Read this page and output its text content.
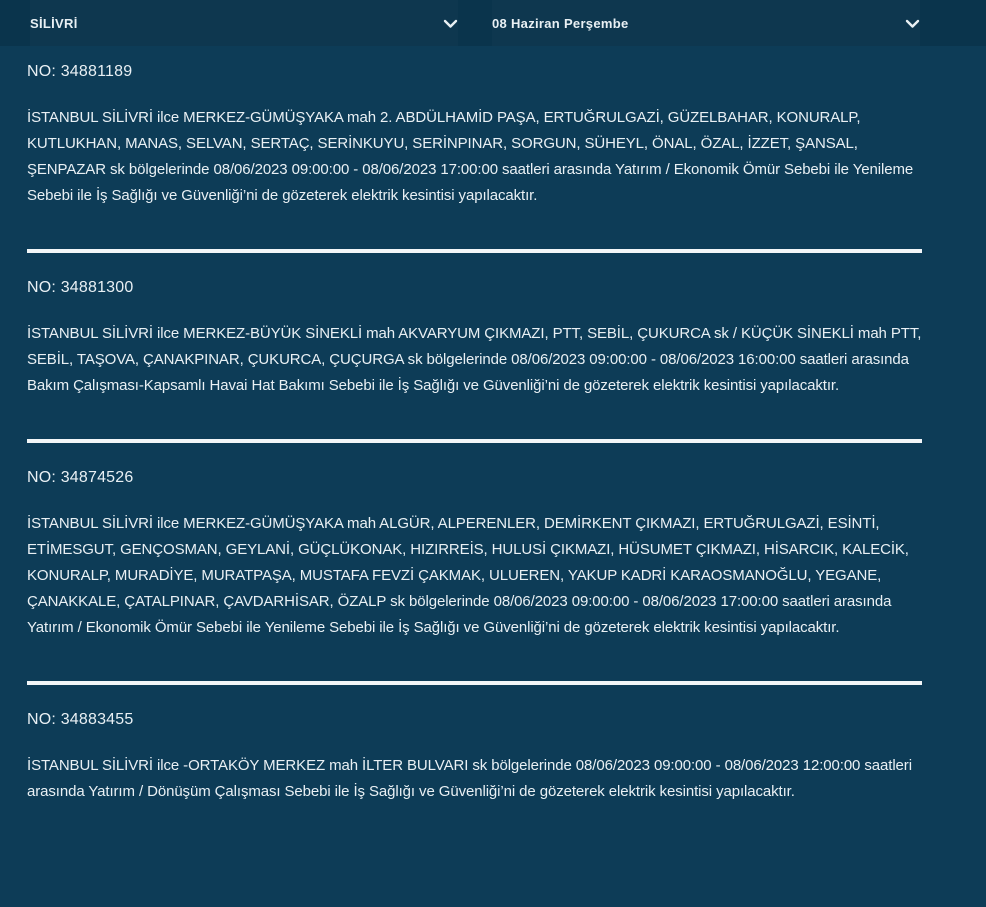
SİLİVRİ	08 Haziran Perşembe
NO: 34881189

İSTANBUL SİLİVRİ ilce MERKEZ-GÜMÜŞYAKA mah 2. ABDÜLHAMİD PAŞA, ERTUĞRULGAZİ, GÜZELBAHAR, KONURALP, KUTLUKHAN, MANAS, SELVAN, SERTAÇ, SERİNKUYU, SERİNPINAR, SORGUN, SÜHEYL, ÖNAL, ÖZAL, İZZET, ŞANSAL, ŞENPAZAR sk bölgelerinde 08/06/2023 09:00:00 - 08/06/2023 17:00:00 saatleri arasında Yatırım / Ekonomik Ömür Sebebi ile Yenileme Sebebi ile İş Sağlığı ve Güvenliği’ni de gözeterek elektrik kesintisi yapılacaktır.

NO: 34881300

İSTANBUL SİLİVRİ ilce MERKEZ-BÜYÜK SİNEKLİ mah AKVARYUM ÇIKMAZI, PTT, SEBİL, ÇUKURCA sk / KÜÇÜK SİNEKLİ mah PTT, SEBİL, TAŞOVA, ÇANAKPINAR, ÇUKURCA, ÇUÇURGA sk bölgelerinde 08/06/2023 09:00:00 - 08/06/2023 16:00:00 saatleri arasında Bakım Çalışması-Kapsamlı Havai Hat Bakımı Sebebi ile İş Sağlığı ve Güvenliği’ni de gözeterek elektrik kesintisi yapılacaktır.

NO: 34874526

İSTANBUL SİLİVRİ ilce MERKEZ-GÜMÜŞYAKA mah ALGÜR, ALPERENLER, DEMİRKENT ÇIKMAZI, ERTUĞRULGAZİ, ESİNTİ, ETİMESGUT, GENÇOSMAN, GEYLANİ, GÜÇLÜKONAK, HIZIRREİS, HULUSİ ÇIKMAZI, HÜSUMET ÇIKMAZI, HİSARCIK, KALECİK, KONURALP, MURADİYE, MURATPAŞA, MUSTAFA FEVZİ ÇAKMAK, ULUEREN, YAKUP KADRİ KARAOSMANOĞLU, YEGANE, ÇANAKKALE, ÇATALPINAR, ÇAVDARHİSAR, ÖZALP sk bölgelerinde 08/06/2023 09:00:00 - 08/06/2023 17:00:00 saatleri arasında Yatırım / Ekonomik Ömür Sebebi ile Yenileme Sebebi ile İş Sağlığı ve Güvenliği’ni de gözeterek elektrik kesintisi yapılacaktır.

NO: 34883455

İSTANBUL SİLİVRİ ilce -ORTAKÖY MERKEZ mah İLTER BULVARI sk bölgelerinde 08/06/2023 09:00:00 - 08/06/2023 12:00:00 saatleri arasında Yatırım / Dönüşüm Çalışması Sebebi ile İş Sağlığı ve Güvenliği’ni de gözeterek elektrik kesintisi yapılacaktır.
